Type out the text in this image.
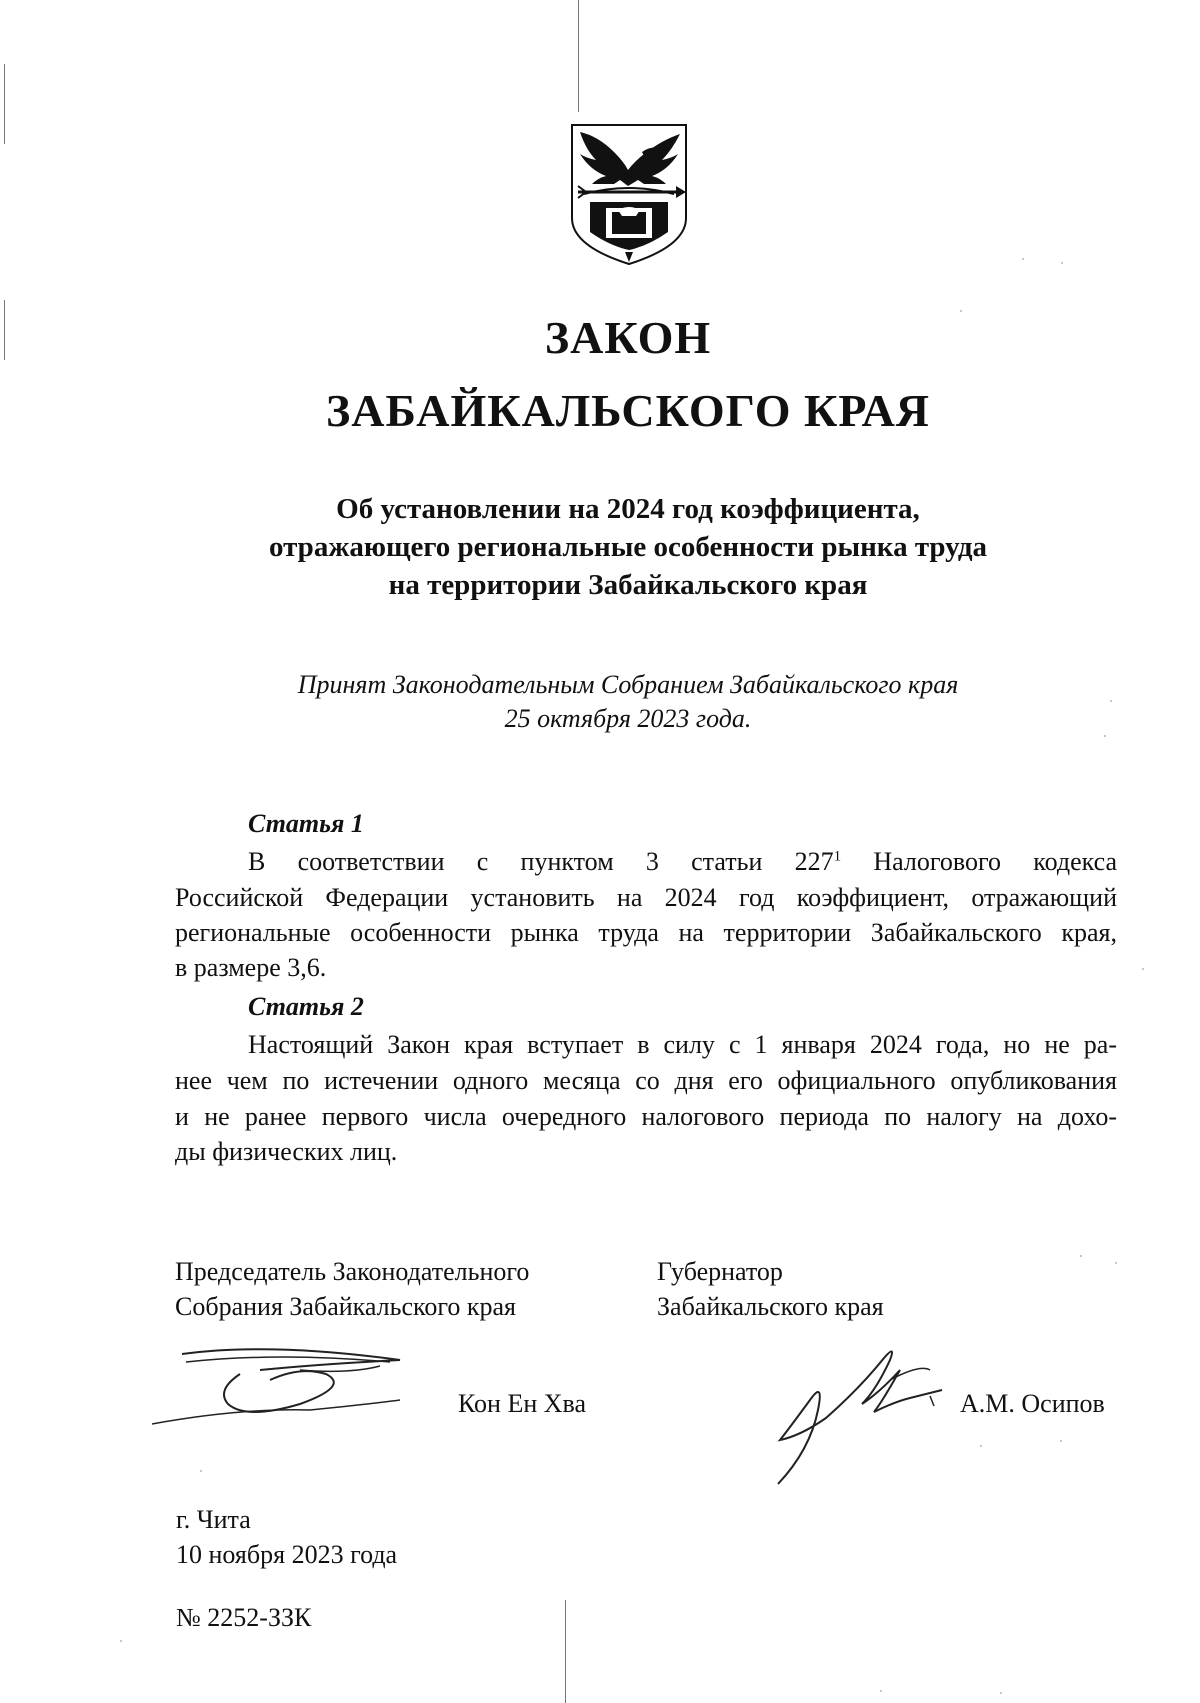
ЗАКОН
ЗАБАЙКАЛЬСКОГО КРАЯ
Об установлении на 2024 год коэффициента,
отражающего региональные особенности рынка труда
на территории Забайкальского края
Принят Законодательным Собранием Забайкальского края
25 октября 2023 года.
Статья 1
В соответствии с пунктом 3 статьи $227^1$ Налогового кодекса
Российской Федерации установить на 2024 год коэффициент, отражающий
региональные особенности рынка труда на территории Забайкальского края,
в размере 3,6.
Статья 2
Настоящий Закон края вступает в силу с 1 января 2024 года, но не ра-
нее чем по истечении одного месяца со дня его официального опубликования
и не ранее первого числа очередного налогового периода по налогу на дохо-
ды физических лиц.
Председатель Законодательного
Собрания Забайкальского края
Губернатор
Забайкальского края
Кон Ен Хва	А.М. Осипов
г. Чита
10 ноября 2023 года
№ 2252-ЗЗК
